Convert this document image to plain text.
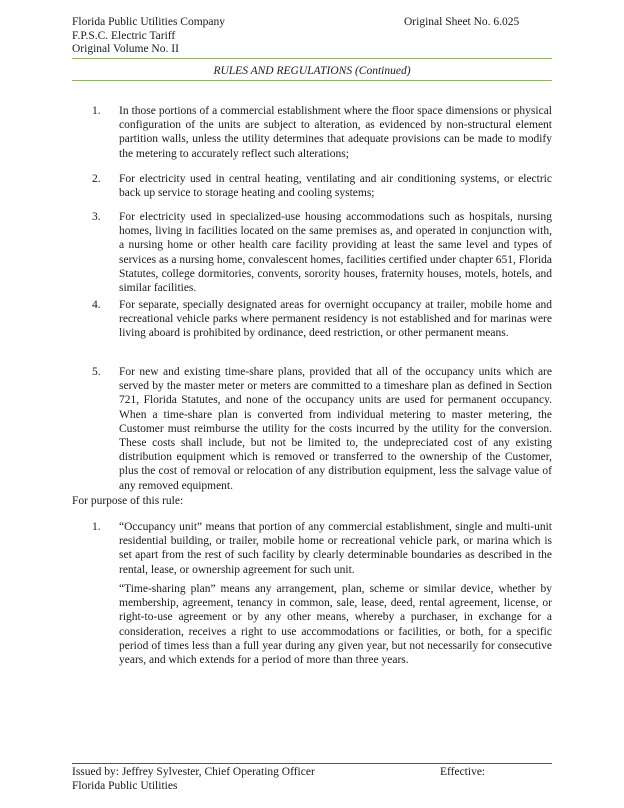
Florida Public Utilities Company
F.P.S.C. Electric Tariff
Original Volume No. II
Original Sheet No. 6.025
RULES AND REGULATIONS (Continued)
1.	In those portions of a commercial establishment where the floor space dimensions or physical configuration of the units are subject to alteration, as evidenced by non-structural element partition walls, unless the utility determines that adequate provisions can be made to modify the metering to accurately reflect such alterations;
2.	For electricity used in central heating, ventilating and air conditioning systems, or electric back up service to storage heating and cooling systems;
3.	For electricity used in specialized-use housing accommodations such as hospitals, nursing homes, living in facilities located on the same premises as, and operated in conjunction with, a nursing home or other health care facility providing at least the same level and types of services as a nursing home, convalescent homes, facilities certified under chapter 651, Florida Statutes, college dormitories, convents, sorority houses, fraternity houses, motels, hotels, and similar facilities.
4.	For separate, specially designated areas for overnight occupancy at trailer, mobile home and recreational vehicle parks where permanent residency is not established and for marinas were living aboard is prohibited by ordinance, deed restriction, or other permanent means.
5.	For new and existing time-share plans, provided that all of the occupancy units which are served by the master meter or meters are committed to a timeshare plan as defined in Section 721, Florida Statutes, and none of the occupancy units are used for permanent occupancy. When a time-share plan is converted from individual metering to master metering, the Customer must reimburse the utility for the costs incurred by the utility for the conversion. These costs shall include, but not be limited to, the undepreciated cost of any existing distribution equipment which is removed or transferred to the ownership of the Customer, plus the cost of removal or relocation of any distribution equipment, less the salvage value of any removed equipment.
For purpose of this rule:
1.	“Occupancy unit” means that portion of any commercial establishment, single and multi-unit residential building, or trailer, mobile home or recreational vehicle park, or marina which is set apart from the rest of such facility by clearly determinable boundaries as described in the rental, lease, or ownership agreement for such unit.
“Time-sharing plan” means any arrangement, plan, scheme or similar device, whether by membership, agreement, tenancy in common, sale, lease, deed, rental agreement, license, or right-to-use agreement or by any other means, whereby a purchaser, in exchange for a consideration, receives a right to use accommodations or facilities, or both, for a specific period of times less than a full year during any given year, but not necessarily for consecutive years, and which extends for a period of more than three years.
Issued by: Jeffrey Sylvester, Chief Operating Officer
Florida Public Utilities
Effective:
